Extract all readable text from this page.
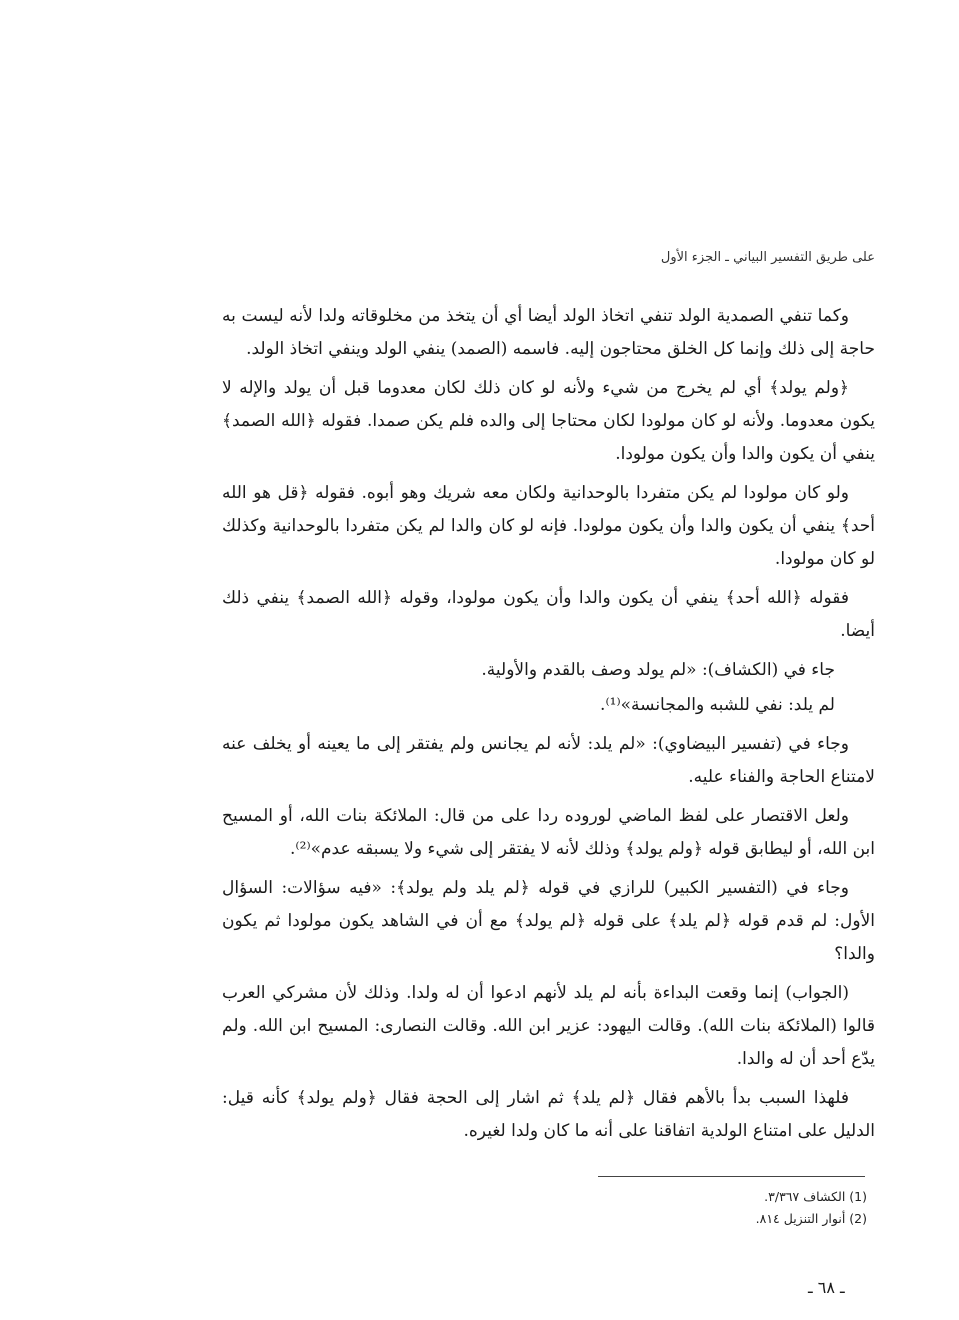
على طريق التفسير البياني ـ الجزء الأول

وكما تنفي الصمدية الولد تنفي اتخاذ الولد أيضا أي أن يتخذ من مخلوقاته ولدا لأنه ليست به حاجة إلى ذلك وإنما كل الخلق محتاجون إليه. فاسمه (الصمد) ينفي الولد وينفي اتخاذ الولد.

﴿ولم يولد﴾ أي لم يخرج من شيء ولأنه لو كان ذلك لكان معدوما قبل أن يولد والإله لا يكون معدوما. ولأنه لو كان مولودا لكان محتاجا إلى والده فلم يكن صمدا. فقوله ﴿الله الصمد﴾ ينفي أن يكون والدا وأن يكون مولودا.

ولو كان مولودا لم يكن متفردا بالوحدانية ولكان معه شريك وهو أبوه. فقوله ﴿قل هو الله أحد﴾ ينفي أن يكون والدا وأن يكون مولودا. فإنه لو كان والدا لم يكن متفردا بالوحدانية وكذلك لو كان مولودا.

فقوله ﴿الله أحد﴾ ينفي أن يكون والدا وأن يكون مولودا، وقوله ﴿الله الصمد﴾ ينفي ذلك أيضا.

جاء في (الكشاف): «لم يولد وصف بالقدم والأولية.

لم يلد: نفي للشبه والمجانسة»⁽¹⁾.

وجاء في (تفسير البيضاوي): «لم يلد: لأنه لم يجانس ولم يفتقر إلى ما يعينه أو يخلف عنه لامتناع الحاجة والفناء عليه.

ولعل الاقتصار على لفظ الماضي لوروده ردا على من قال: الملائكة بنات الله، أو المسيح ابن الله، أو ليطابق قوله ﴿ولم يولد﴾ وذلك لأنه لا يفتقر إلى شيء ولا يسبقه عدم»⁽²⁾.

وجاء في (التفسير الكبير) للرازي في قوله ﴿لم يلد ولم يولد﴾: «فيه سؤالات: السؤال الأول: لم قدم قوله ﴿لم يلد﴾ على قوله ﴿لم يولد﴾ مع أن في الشاهد يكون مولودا ثم يكون والدا؟

(الجواب) إنما وقعت البداءة بأنه لم يلد لأنهم ادعوا أن له ولدا. وذلك لأن مشركي العرب قالوا (الملائكة بنات الله). وقالت اليهود: عزير ابن الله. وقالت النصارى: المسيح ابن الله. ولم يدّع أحد أن له والدا.

فلهذا السبب بدأ بالأهم فقال ﴿لم يلد﴾ ثم اشار إلى الحجة فقال ﴿ولم يولد﴾ كأنه قيل: الدليل على امتناع الولدية اتفاقنا على أنه ما كان ولدا لغيره.

(1) الكشاف ٣/٣٦٧.
(2) أنوار التنزيل ٨١٤.
ـ ٦٨ ـ
